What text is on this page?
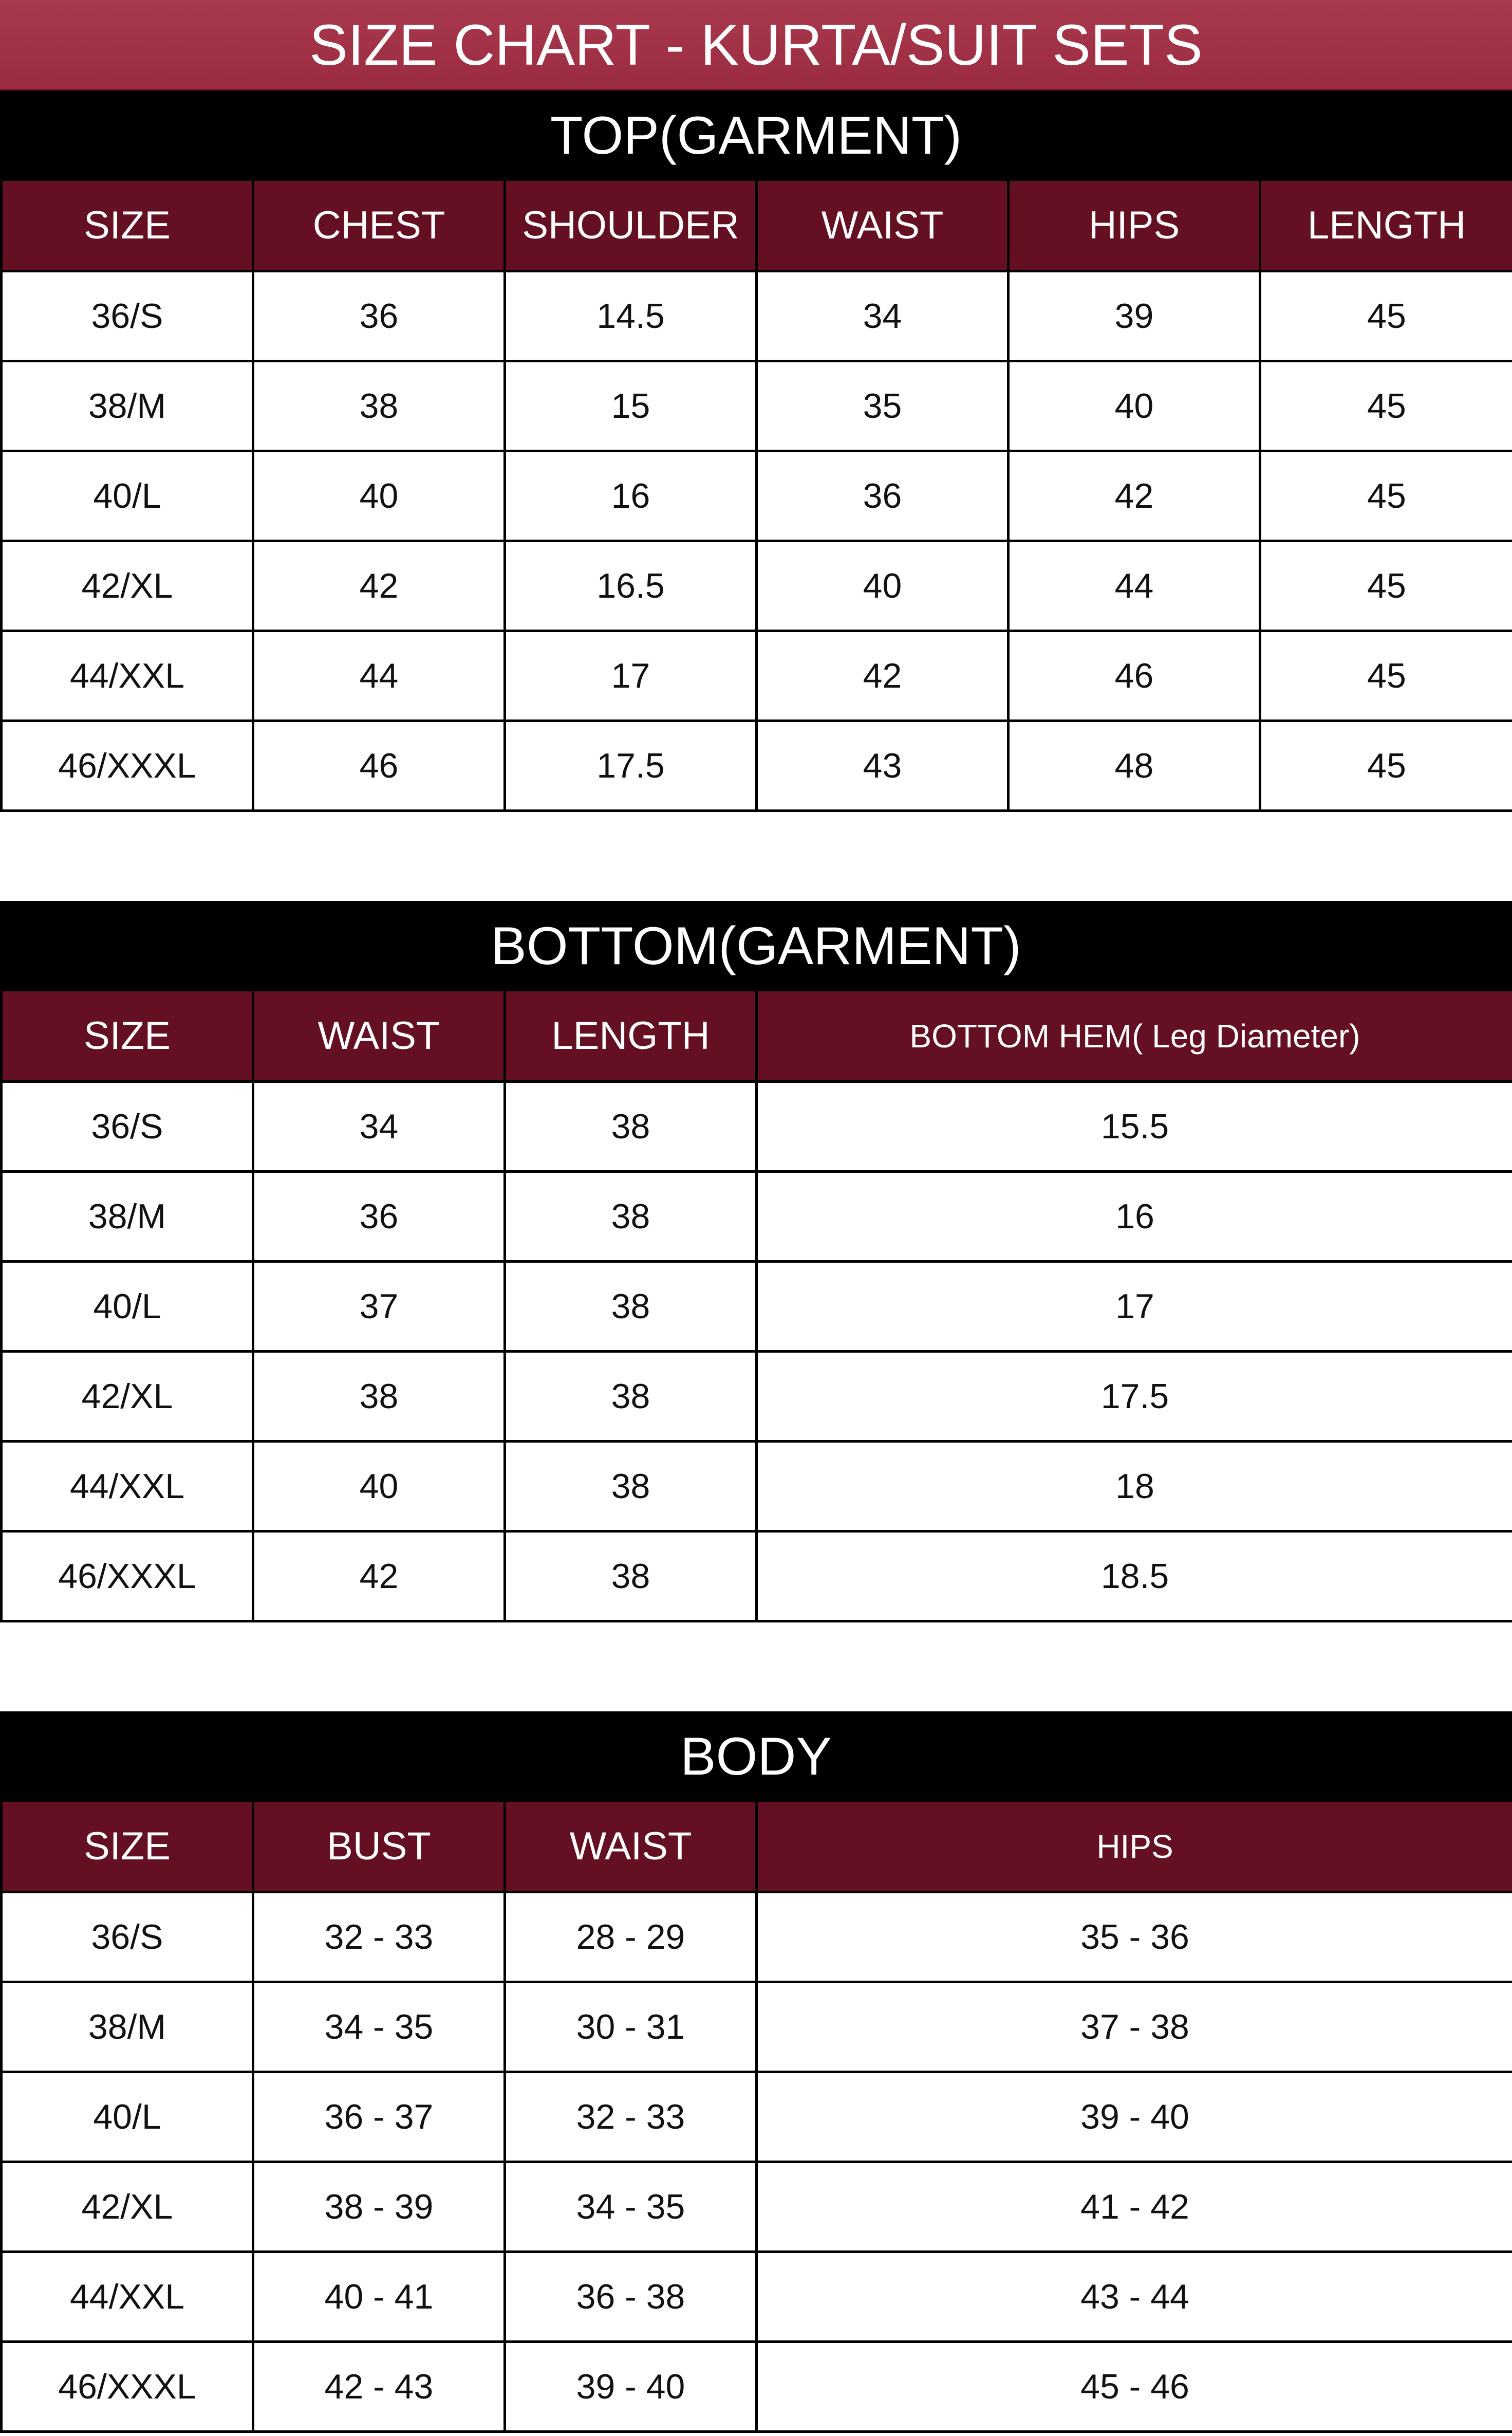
SIZE CHART - KURTA/SUIT SETS
TOP(GARMENT)
SIZE	CHEST	SHOULDER	WAIST	HIPS	LENGTH
36/S	36	14.5	34	39	45
38/M	38	15	35	40	45
40/L	40	16	36	42	45
42/XL	42	16.5	40	44	45
44/XXL	44	17	42	46	45
46/XXXL	46	17.5	43	48	45
BOTTOM(GARMENT)
SIZE	WAIST	LENGTH	BOTTOM HEM( Leg Diameter)
36/S	34	38	15.5
38/M	36	38	16
40/L	37	38	17
42/XL	38	38	17.5
44/XXL	40	38	18
46/XXXL	42	38	18.5
BODY
SIZE	BUST	WAIST	HIPS
36/S	32 - 33	28 - 29	35 - 36
38/M	34 - 35	30 - 31	37 - 38
40/L	36 - 37	32 - 33	39 - 40
42/XL	38 - 39	34 - 35	41 - 42
44/XXL	40 - 41	36 - 38	43 - 44
46/XXXL	42 - 43	39 - 40	45 - 46
